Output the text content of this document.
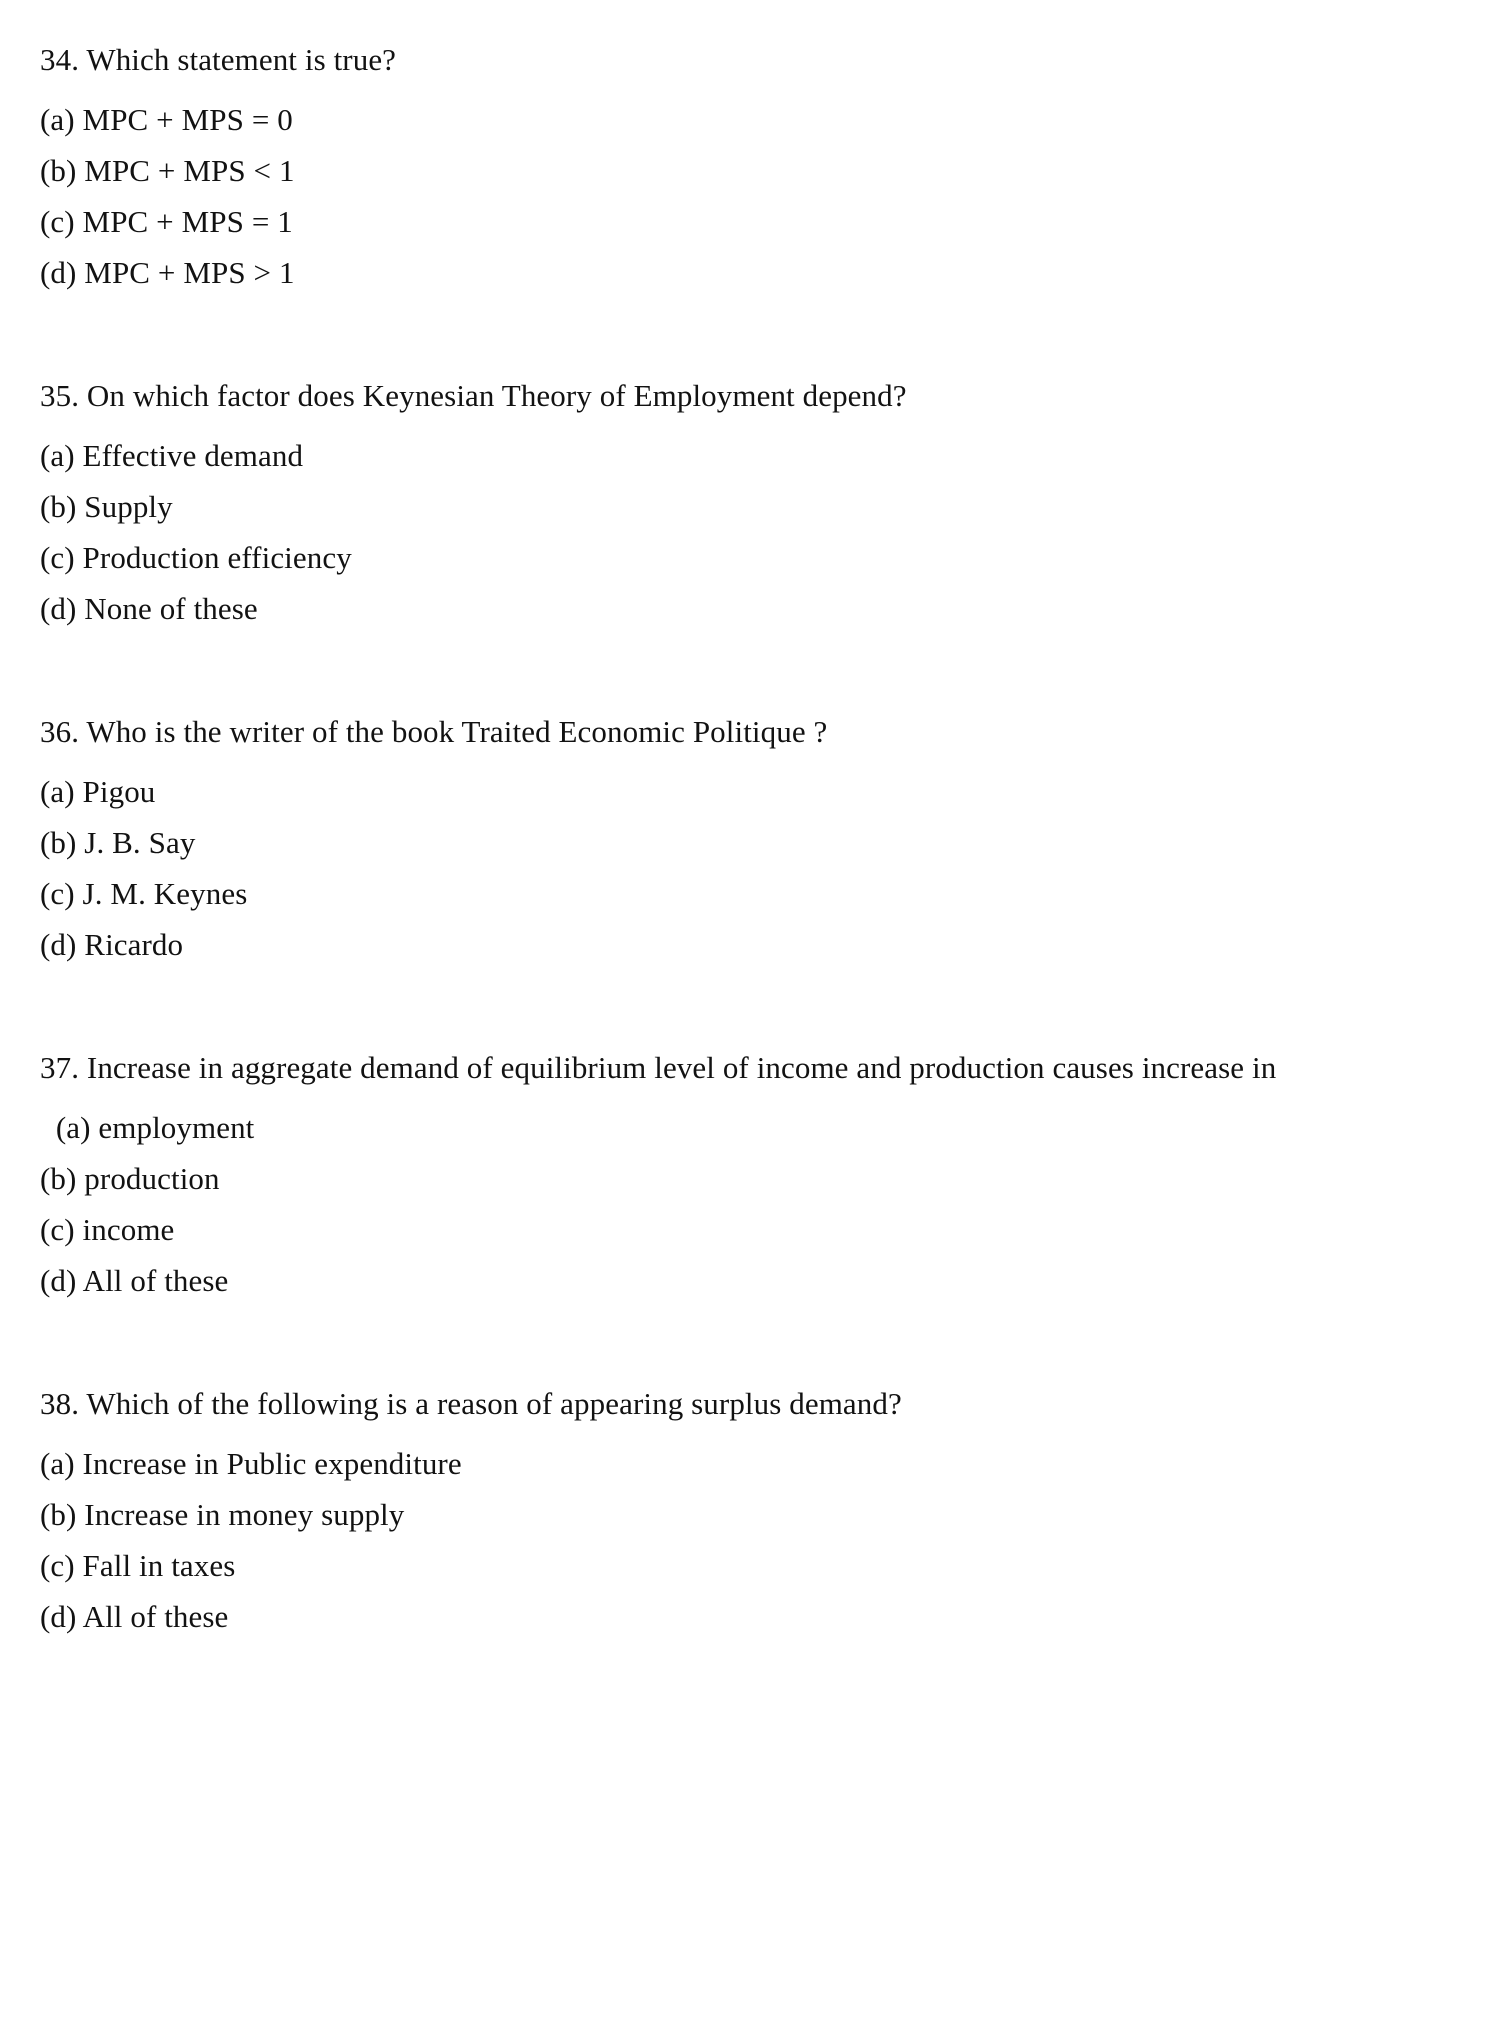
34. Which statement is true?

(a) MPC + MPS = 0
(b) MPC + MPS < 1
(c) MPC + MPS = 1
(d) MPC + MPS > 1

35. On which factor does Keynesian Theory of Employment depend?

(a) Effective demand
(b) Supply
(c) Production efficiency
(d) None of these

36. Who is the writer of the book Traited Economic Politique ?

(a) Pigou
(b) J. B. Say
(c) J. M. Keynes
(d) Ricardo

37. Increase in aggregate demand of equilibrium level of income and production causes increase in

(a) employment
(b) production
(c) income
(d) All of these

38. Which of the following is a reason of appearing surplus demand?

(a) Increase in Public expenditure
(b) Increase in money supply
(c) Fall in taxes
(d) All of these
